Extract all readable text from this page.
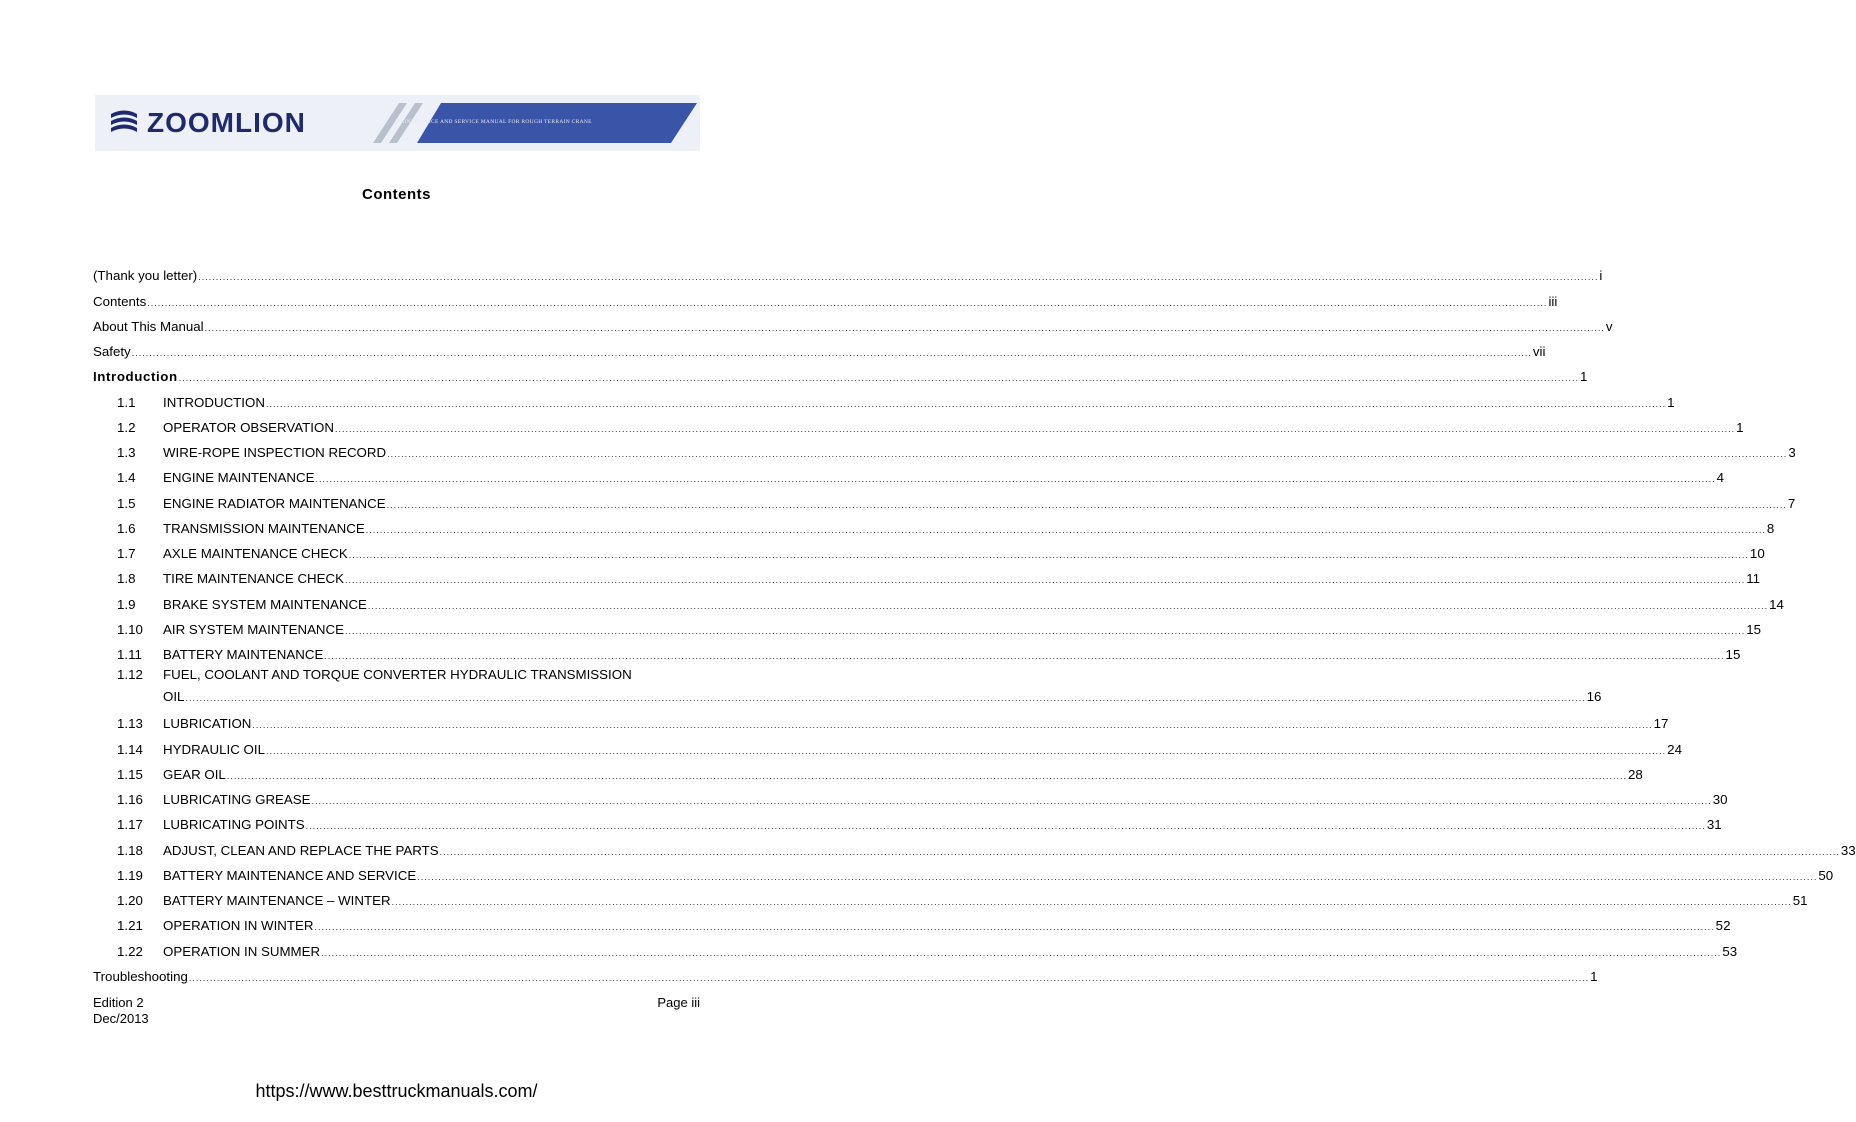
ZOOMLION	MAINTENANCE AND SERVICE MANUAL FOR ROUGH TERRAIN CRANE
Contents
(Thank you letter) ................................................................................................................................................................................................................................................................................................................................................................................................................ i
Contents ................................................................................................................................................................................................................................................................................................................................................................................................................ iii
About This Manual ................................................................................................................................................................................................................................................................................................................................................................................................................ v
Safety ................................................................................................................................................................................................................................................................................................................................................................................................................ vii
Introduction ................................................................................................................................................................................................................................................................................................................................................................................................................ 1
1.1	INTRODUCTION ................................................................................................................................................................................................................................................................................................................................................................................................................ 1
1.2	OPERATOR OBSERVATION ................................................................................................................................................................................................................................................................................................................................................................................................................ 1
1.3	WIRE-ROPE INSPECTION RECORD ................................................................................................................................................................................................................................................................................................................................................................................................................ 3
1.4	ENGINE MAINTENANCE ................................................................................................................................................................................................................................................................................................................................................................................................................ 4
1.5	ENGINE RADIATOR MAINTENANCE ................................................................................................................................................................................................................................................................................................................................................................................................................ 7
1.6	TRANSMISSION MAINTENANCE ................................................................................................................................................................................................................................................................................................................................................................................................................ 8
1.7	AXLE MAINTENANCE CHECK ................................................................................................................................................................................................................................................................................................................................................................................................................ 10
1.8	TIRE MAINTENANCE CHECK ................................................................................................................................................................................................................................................................................................................................................................................................................ 11
1.9	BRAKE SYSTEM MAINTENANCE ................................................................................................................................................................................................................................................................................................................................................................................................................ 14
1.10	AIR SYSTEM MAINTENANCE ................................................................................................................................................................................................................................................................................................................................................................................................................ 15
1.11	BATTERY MAINTENANCE ................................................................................................................................................................................................................................................................................................................................................................................................................ 15
1.12	FUEL, COOLANT AND TORQUE CONVERTER HYDRAULIC TRANSMISSION
OIL ................................................................................................................................................................................................................................................................................................................................................................................................................ 16
1.13	LUBRICATION ................................................................................................................................................................................................................................................................................................................................................................................................................ 17
1.14	HYDRAULIC OIL ................................................................................................................................................................................................................................................................................................................................................................................................................ 24
1.15	GEAR OIL ................................................................................................................................................................................................................................................................................................................................................................................................................ 28
1.16	LUBRICATING GREASE ................................................................................................................................................................................................................................................................................................................................................................................................................ 30
1.17	LUBRICATING POINTS ................................................................................................................................................................................................................................................................................................................................................................................................................ 31
1.18	ADJUST, CLEAN AND REPLACE THE PARTS ................................................................................................................................................................................................................................................................................................................................................................................................................ 33
1.19	BATTERY MAINTENANCE AND SERVICE ................................................................................................................................................................................................................................................................................................................................................................................................................ 50
1.20	BATTERY MAINTENANCE – WINTER ................................................................................................................................................................................................................................................................................................................................................................................................................ 51
1.21	OPERATION IN WINTER ................................................................................................................................................................................................................................................................................................................................................................................................................ 52
1.22	OPERATION IN SUMMER ................................................................................................................................................................................................................................................................................................................................................................................................................ 53
Troubleshooting ................................................................................................................................................................................................................................................................................................................................................................................................................ 1
Edition 2
Dec/2013
Page iii
https://www.besttruckmanuals.com/
